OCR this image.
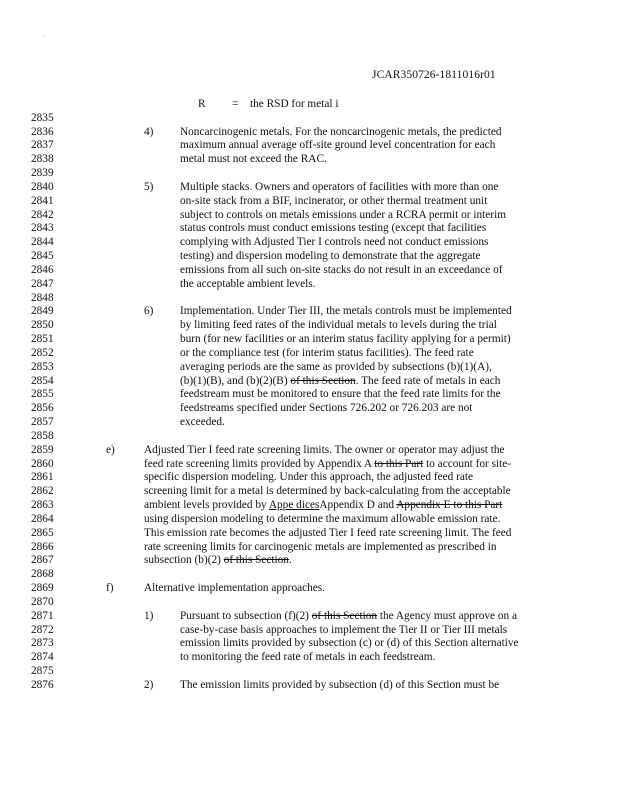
' ·
JCAR350726-1811016r01
R = the RSD for metal i
2835
2836	4) Noncarcinogenic metals. For the noncarcinogenic metals, the predicted
2837	maximum annual average off-site ground level concentration for each
2838	metal must not exceed the RAC.
2839
2840	5) Multiple stacks. Owners and operators of facilities with more than one
2841	on-site stack from a BIF, incinerator, or other thermal treatment unit
2842	subject to controls on metals emissions under a RCRA permit or interim
2843	status controls must conduct emissions testing (except that facilities
2844	complying with Adjusted Tier I controls need not conduct emissions
2845	testing) and dispersion modeling to demonstrate that the aggregate
2846	emissions from all such on-site stacks do not result in an exceedance of
2847	the acceptable ambient levels.
2848
2849	6) Implementation. Under Tier III, the metals controls must be implemented
2850	by limiting feed rates of the individual metals to levels during the trial
2851	burn (for new facilities or an interim status facility applying for a permit)
2852	or the compliance test (for interim status facilities). The feed rate
2853	averaging periods are the same as provided by subsections (b)(1)(A),
2854	(b)(1)(B), and (b)(2)(B) of this Section. The feed rate of metals in each
2855	feedstream must be monitored to ensure that the feed rate limits for the
2856	feedstreams specified under Sections 726.202 or 726.203 are not
2857	exceeded.
2858
2859	e)	Adjusted Tier I feed rate screening limits. The owner or operator may adjust the
2860	feed rate screening limits provided by Appendix A to this Part to account for site-
2861	specific dispersion modeling. Under this approach, the adjusted feed rate
2862	screening limit for a metal is determined by back-calculating from the acceptable
2863	ambient levels provided by Appe dicesAppendix D and Appendix E to this Part
2864	using dispersion modeling to determine the maximum allowable emission rate.
2865	This emission rate becomes the adjusted Tier I feed rate screening limit. The feed
2866	rate screening limits for carcinogenic metals are implemented as prescribed in
2867	subsection (b)(2) of this Section.
2868
2869	f)	Alternative implementation approaches.
2870
2871	1) Pursuant to subsection (f)(2) of this Section the Agency must approve on a
2872	case-by-case basis approaches to implement the Tier II or Tier III metals
2873	emission limits provided by subsection (c) or (d) of this Section alternative
2874	to monitoring the feed rate of metals in each feedstream.
2875
2876	2) The emission limits provided by subsection (d) of this Section must be
